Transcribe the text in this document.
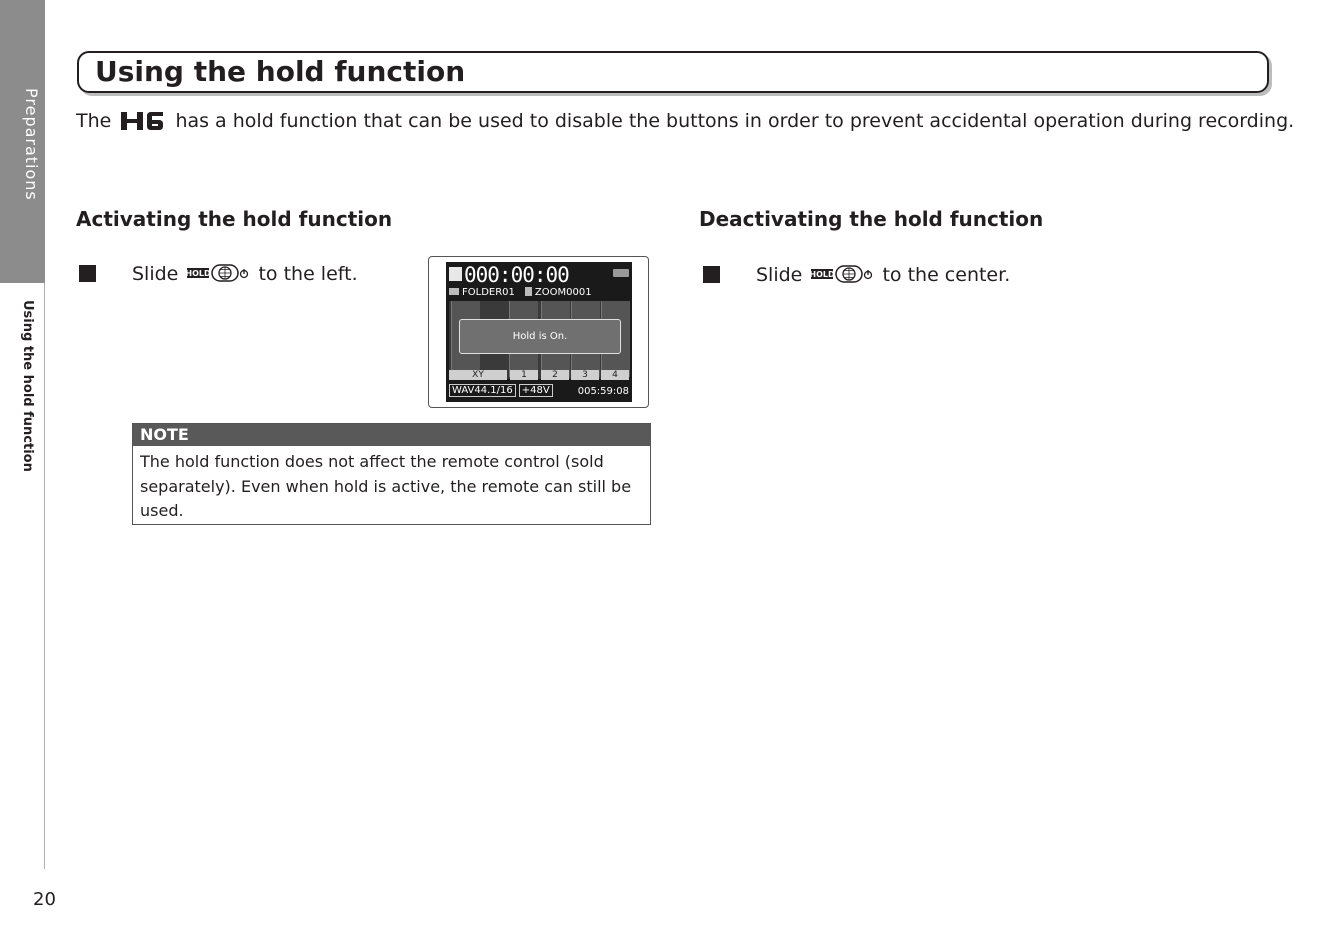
Preparations
Using the hold function
20
Using the hold function
The	has a hold function that can be used to disable the buttons in order to prevent accidental operation during recording.
Activating the hold function
Slide HOLD to the left.	000:00:00
FOLDER01 ZOOM0001
Hold is On.
XY	1	2	3	4
WAV44.1/16 +48V	005:59:08
NOTE
The hold function does not affect the remote control (sold separately). Even when hold is active, the remote can still be used.
Deactivating the hold function
Slide HOLD to the center.
